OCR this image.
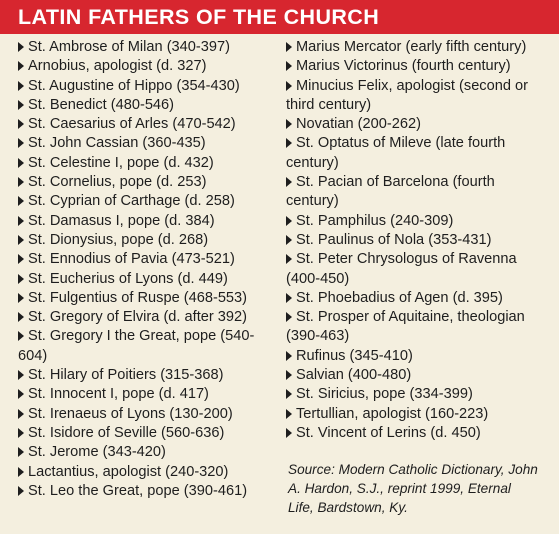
LATIN FATHERS OF THE CHURCH
St. Ambrose of Milan (340-397)
Arnobius, apologist (d. 327)
St. Augustine of Hippo (354-430)
St. Benedict (480-546)
St. Caesarius of Arles (470-542)
St. John Cassian (360-435)
St. Celestine I, pope (d. 432)
St. Cornelius, pope (d. 253)
St. Cyprian of Carthage (d. 258)
St. Damasus I, pope (d. 384)
St. Dionysius, pope (d. 268)
St. Ennodius of Pavia (473-521)
St. Eucherius of Lyons (d. 449)
St. Fulgentius of Ruspe (468-553)
St. Gregory of Elvira (d. after 392)
St. Gregory I the Great, pope (540-604)
St. Hilary of Poitiers (315-368)
St. Innocent I, pope (d. 417)
St. Irenaeus of Lyons (130-200)
St. Isidore of Seville (560-636)
St. Jerome (343-420)
Lactantius, apologist (240-320)
St. Leo the Great, pope (390-461)
Marius Mercator (early fifth century)
Marius Victorinus (fourth century)
Minucius Felix, apologist (second or third century)
Novatian (200-262)
St. Optatus of Mileve (late fourth century)
St. Pacian of Barcelona (fourth century)
St. Pamphilus (240-309)
St. Paulinus of Nola (353-431)
St. Peter Chrysologus of Ravenna (400-450)
St. Phoebadius of Agen (d. 395)
St. Prosper of Aquitaine, theologian (390-463)
Rufinus (345-410)
Salvian (400-480)
St. Siricius, pope (334-399)
Tertullian, apologist (160-223)
St. Vincent of Lerins (d. 450)
Source: Modern Catholic Dictionary, John A. Hardon, S.J., reprint 1999, Eternal Life, Bardstown, Ky.
